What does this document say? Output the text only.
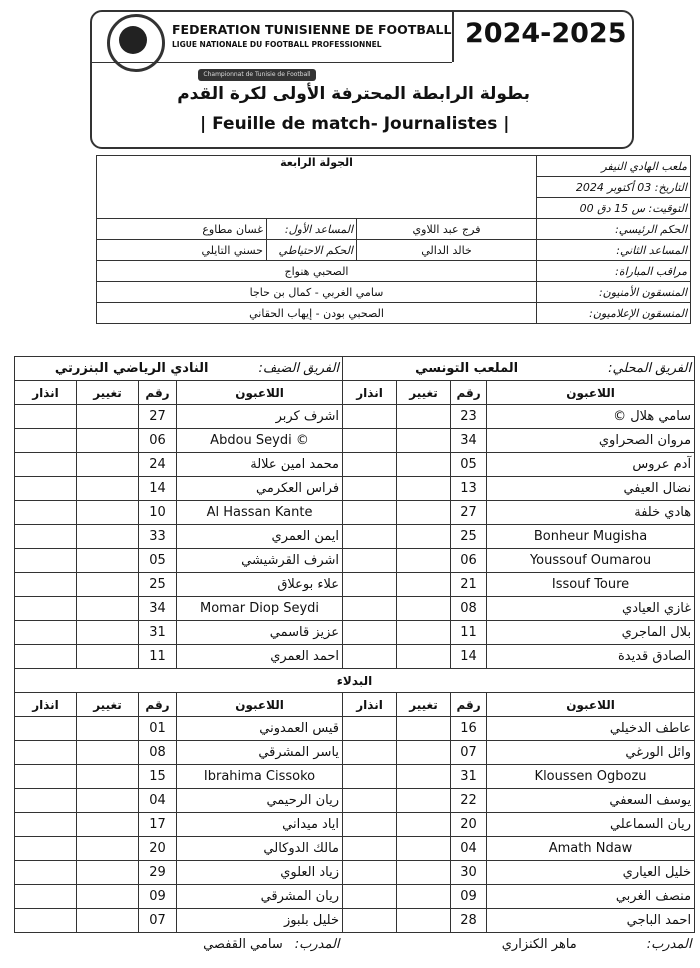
FEDERATION TUNISIENNE DE FOOTBALL
LIGUE NATIONALE DU FOOTBALL PROFESSIONNEL	2024-2025
Championnat de Tunisie de Football
بطولة الرابطة المحترفة الأولى لكرة القدم
| Feuille de match- Journalistes |
الجولة الرابعة			ملعب الهادي النيفر
			التاريخ: 03 أكتوبر 2024
			التوقيت: س 15 دق 00
غسان مطاوع	المساعد الأول:	فرج عبد اللاوي	الحكم الرئيسي:
حسني التايلي	الحكم الاحتياطي	خالد الدالي	المساعد الثاني:
الصحبي هنواج			مراقب المباراة:
سامي الغربي - كمال بن حاجا			المنسقون الأمنيون:
الصحبي بودن - إيهاب الحقاني			المنسقون الإعلاميون:
الفريق الضيف:النادي الرياضي البنزرتي				الفريق المحلي:الملعب التونسي			
انذار	تغيير	رقم	اللاعبون	انذار	تغيير	رقم	اللاعبون
		27	اشرف كربر			23	سامي هلال ©
		06	Abdou Seydi ©			34	مروان الصحراوي
		24	محمد امين علالة			05	آدم عروس
		14	فراس العكرمي			13	نضال العيفي
		10	Al Hassan Kante			27	هادي خلفة
		33	ايمن العمري			25	Bonheur Mugisha
		05	اشرف القرشيشي			06	Youssouf Oumarou
		25	علاء بوعلاق			21	Issouf Toure
		34	Momar Diop Seydi			08	غازي العيادي
		31	عزيز قاسمي			11	بلال الماجري
		11	احمد العمري			14	الصادق قديدة
البدلاء							
انذار	تغيير	رقم	اللاعبون	انذار	تغيير	رقم	اللاعبون
		01	قيس العمدوني			16	عاطف الدخيلي
		08	ياسر المشرقي			07	وائل الورغي
		15	Ibrahima Cissoko			31	Kloussen Ogbozu
		04	ريان الرحيمي			22	يوسف السعفي
		17	اياد ميداني			20	ريان السماعلي
		20	مالك الدوكالي			04	Amath Ndaw
		29	زياد العلوي			30	خليل العياري
		09	ريان المشرقي			09	منصف الغربي
		07	خليل بلبوز			28	احمد الباجي
المدرب:سامي القفصي				المدرب:ماهر الكنزاري			
